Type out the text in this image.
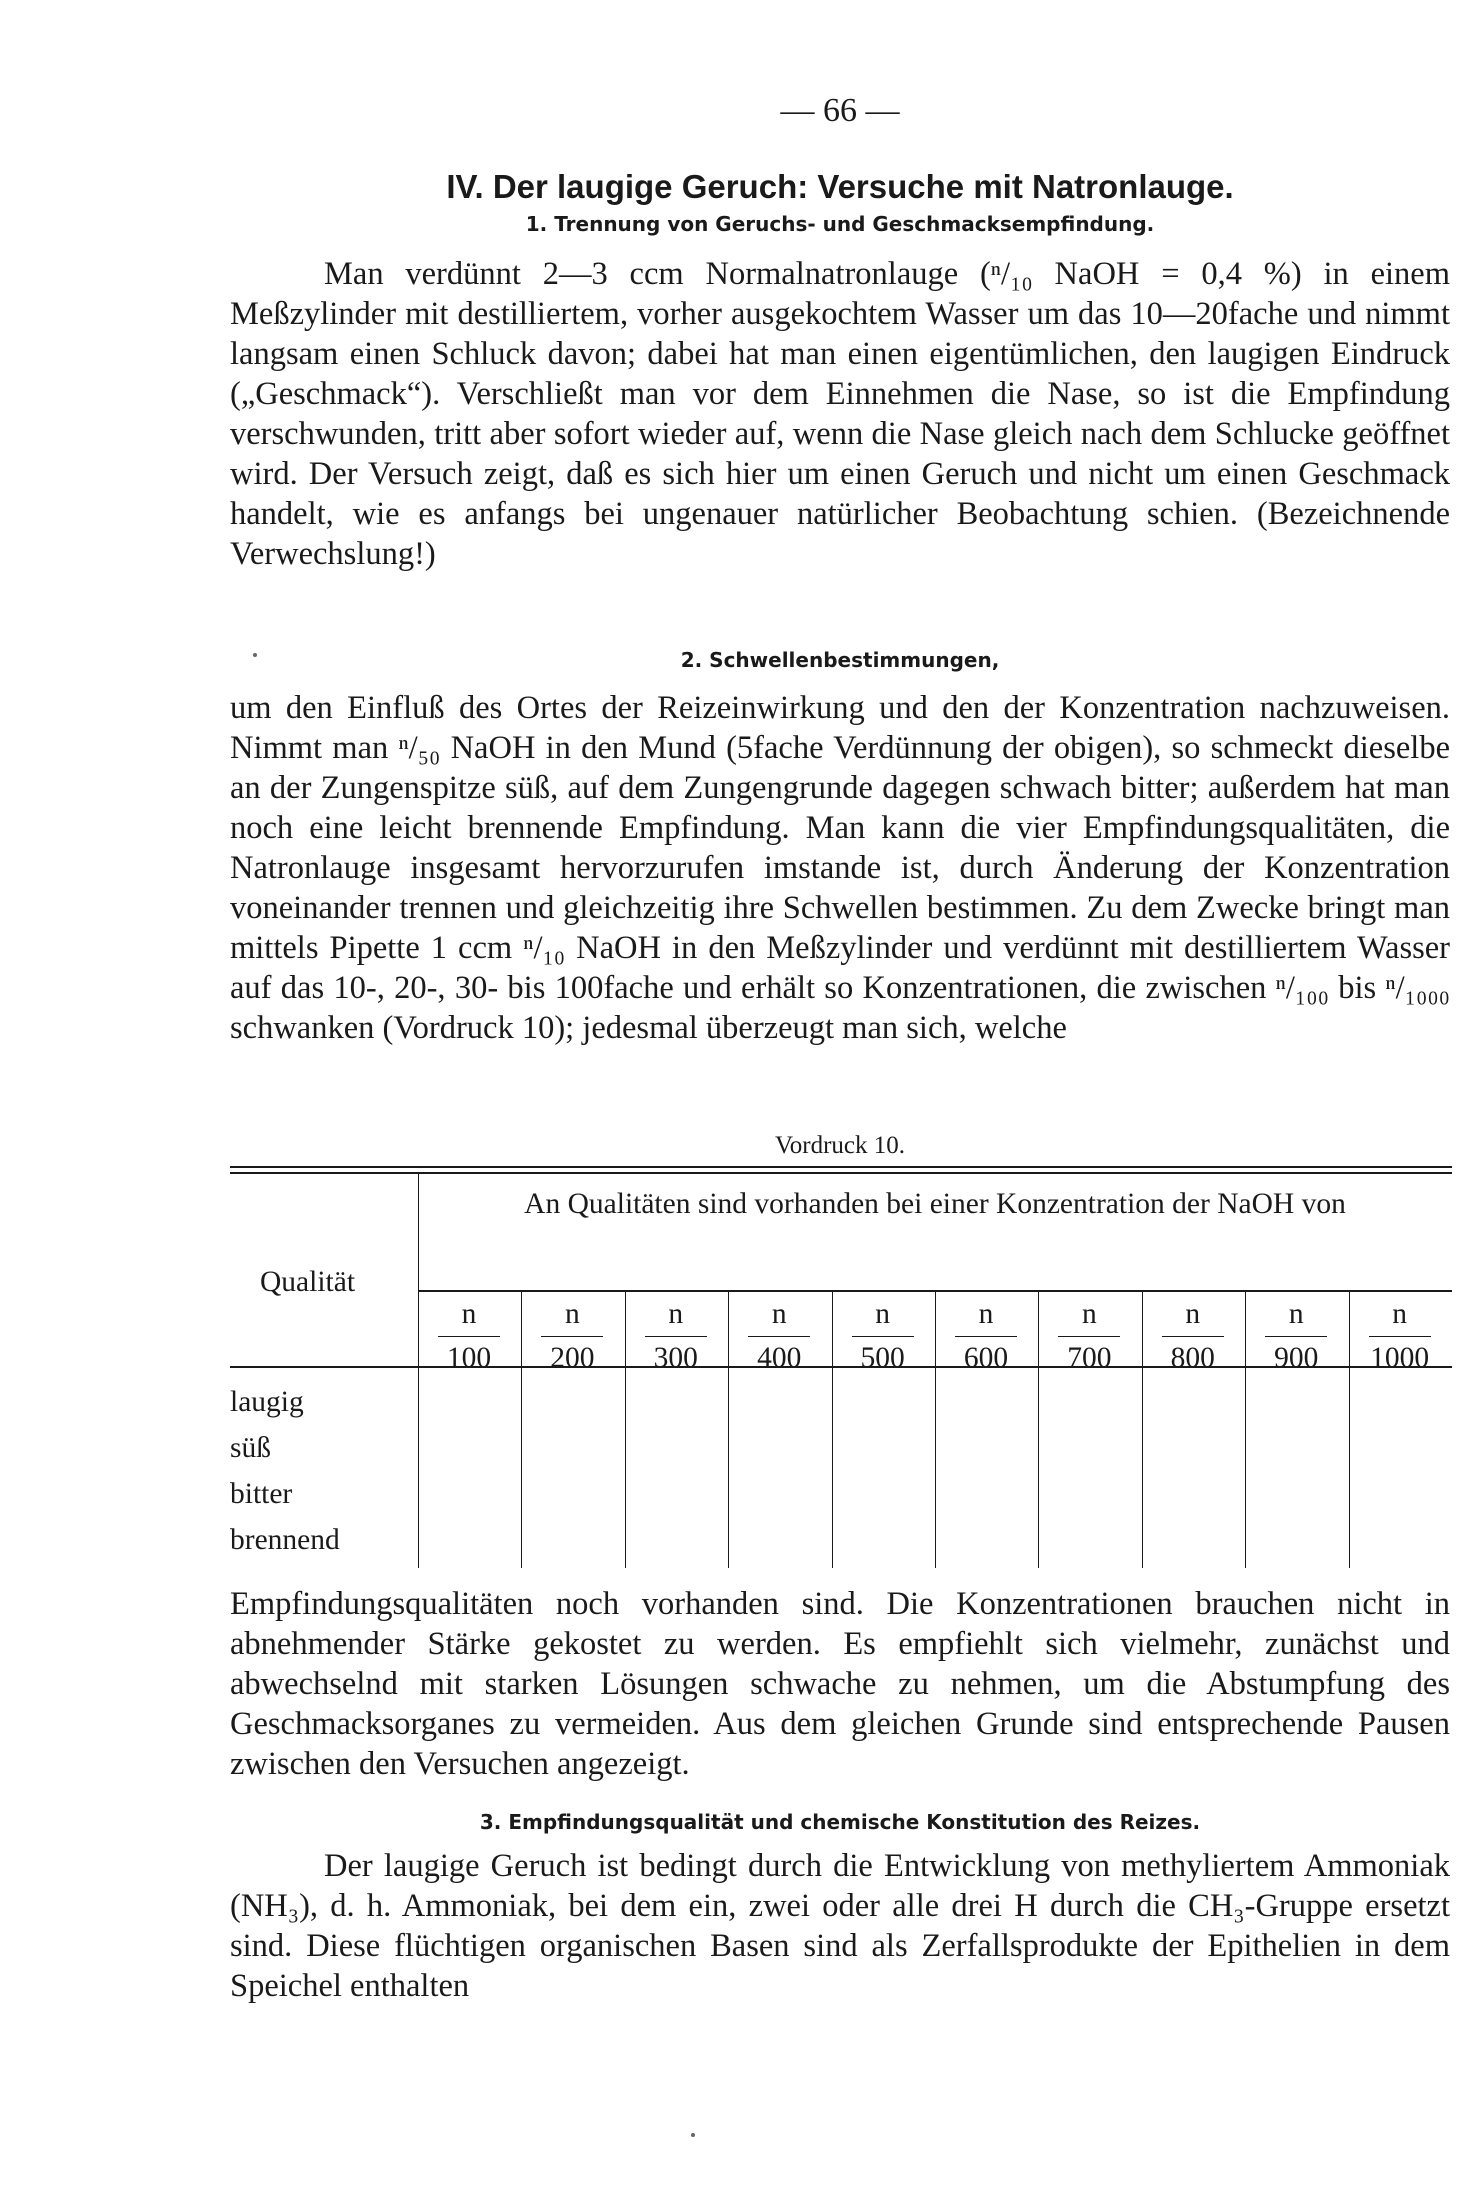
— 66 —
IV. Der laugige Geruch: Versuche mit Natronlauge.
1. Trennung von Geruchs- und Geschmacksempfindung.

Man verdünnt 2—3 ccm Normalnatronlauge (ⁿ/₁₀ NaOH = 0,4 %) in einem Meßzylinder mit destilliertem, vorher ausgekochtem Wasser um das 10—20fache und nimmt langsam einen Schluck davon; dabei hat man einen eigentümlichen, den laugigen Eindruck („Geschmack“). Verschließt man vor dem Einnehmen die Nase, so ist die Empfindung verschwunden, tritt aber sofort wieder auf, wenn die Nase gleich nach dem Schlucke geöffnet wird. Der Versuch zeigt, daß es sich hier um einen Geruch und nicht um einen Geschmack handelt, wie es anfangs bei ungenauer natürlicher Beobachtung schien. (Bezeichnende Verwechslung!)

2. Schwellenbestimmungen,

um den Einfluß des Ortes der Reizeinwirkung und den der Konzentration nachzuweisen. Nimmt man ⁿ/₅₀ NaOH in den Mund (5fache Verdünnung der obigen), so schmeckt dieselbe an der Zungenspitze süß, auf dem Zungengrunde dagegen schwach bitter; außerdem hat man noch eine leicht brennende Empfindung. Man kann die vier Empfindungsqualitäten, die Natronlauge insgesamt hervorzurufen imstande ist, durch Änderung der Konzentration voneinander trennen und gleichzeitig ihre Schwellen bestimmen. Zu dem Zwecke bringt man mittels Pipette 1 ccm ⁿ/₁₀ NaOH in den Meßzylinder und verdünnt mit destilliertem Wasser auf das 10-, 20-, 30- bis 100fache und erhält so Konzentrationen, die zwischen ⁿ/₁₀₀ bis ⁿ/₁₀₀₀ schwanken (Vordruck 10); jedesmal überzeugt man sich, welche

Vordruck 10.
Qualität
An Qualitäten sind vorhanden bei einer Konzentration der NaOH von
n
100
n
200
n
300
n
400
n
500
n
600
n
700
n
800
n
900
n
1000
laugig
süß
bitter
brennend

Empfindungsqualitäten noch vorhanden sind. Die Konzentrationen brauchen nicht in abnehmender Stärke gekostet zu werden. Es empfiehlt sich vielmehr, zunächst und abwechselnd mit starken Lösungen schwache zu nehmen, um die Abstumpfung des Geschmacksorganes zu vermeiden. Aus dem gleichen Grunde sind entsprechende Pausen zwischen den Versuchen angezeigt.

3. Empfindungsqualität und chemische Konstitution des Reizes.

Der laugige Geruch ist bedingt durch die Entwicklung von methyliertem Ammoniak (NH₃), d. h. Ammoniak, bei dem ein, zwei oder alle drei H durch die CH₃-Gruppe ersetzt sind. Diese flüchtigen organischen Basen sind als Zerfallsprodukte der Epithelien in dem Speichel enthalten
